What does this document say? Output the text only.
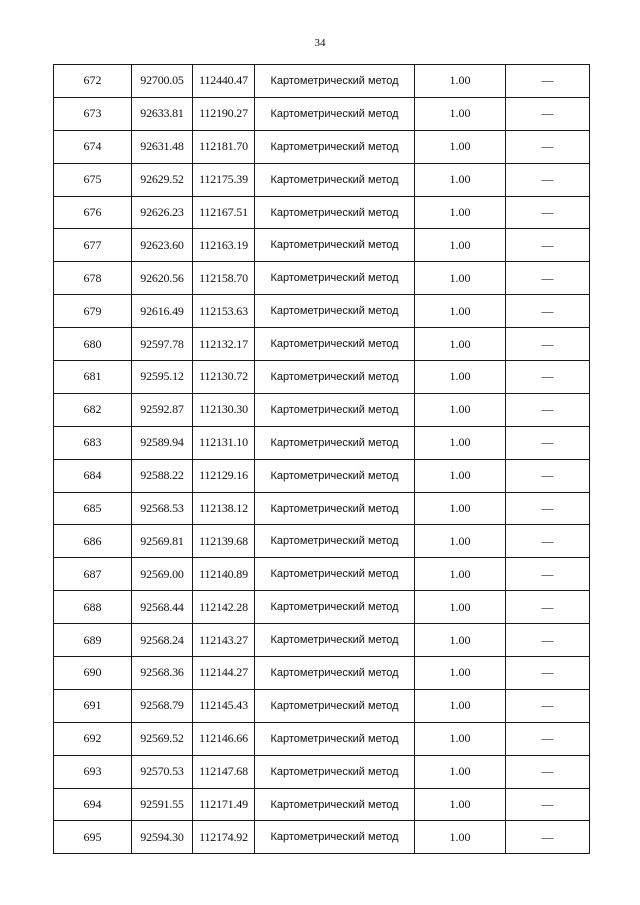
34
672	92700.05	112440.47	Картометрический метод	1.00	—
673	92633.81	112190.27	Картометрический метод	1.00	—
674	92631.48	112181.70	Картометрический метод	1.00	—
675	92629.52	112175.39	Картометрический метод	1.00	—
676	92626.23	112167.51	Картометрический метод	1.00	—
677	92623.60	112163.19	Картометрический метод	1.00	—
678	92620.56	112158.70	Картометрический метод	1.00	—
679	92616.49	112153.63	Картометрический метод	1.00	—
680	92597.78	112132.17	Картометрический метод	1.00	—
681	92595.12	112130.72	Картометрический метод	1.00	—
682	92592.87	112130.30	Картометрический метод	1.00	—
683	92589.94	112131.10	Картометрический метод	1.00	—
684	92588.22	112129.16	Картометрический метод	1.00	—
685	92568.53	112138.12	Картометрический метод	1.00	—
686	92569.81	112139.68	Картометрический метод	1.00	—
687	92569.00	112140.89	Картометрический метод	1.00	—
688	92568.44	112142.28	Картометрический метод	1.00	—
689	92568.24	112143.27	Картометрический метод	1.00	—
690	92568.36	112144.27	Картометрический метод	1.00	—
691	92568.79	112145.43	Картометрический метод	1.00	—
692	92569.52	112146.66	Картометрический метод	1.00	—
693	92570.53	112147.68	Картометрический метод	1.00	—
694	92591.55	112171.49	Картометрический метод	1.00	—
695	92594.30	112174.92	Картометрический метод	1.00	—
